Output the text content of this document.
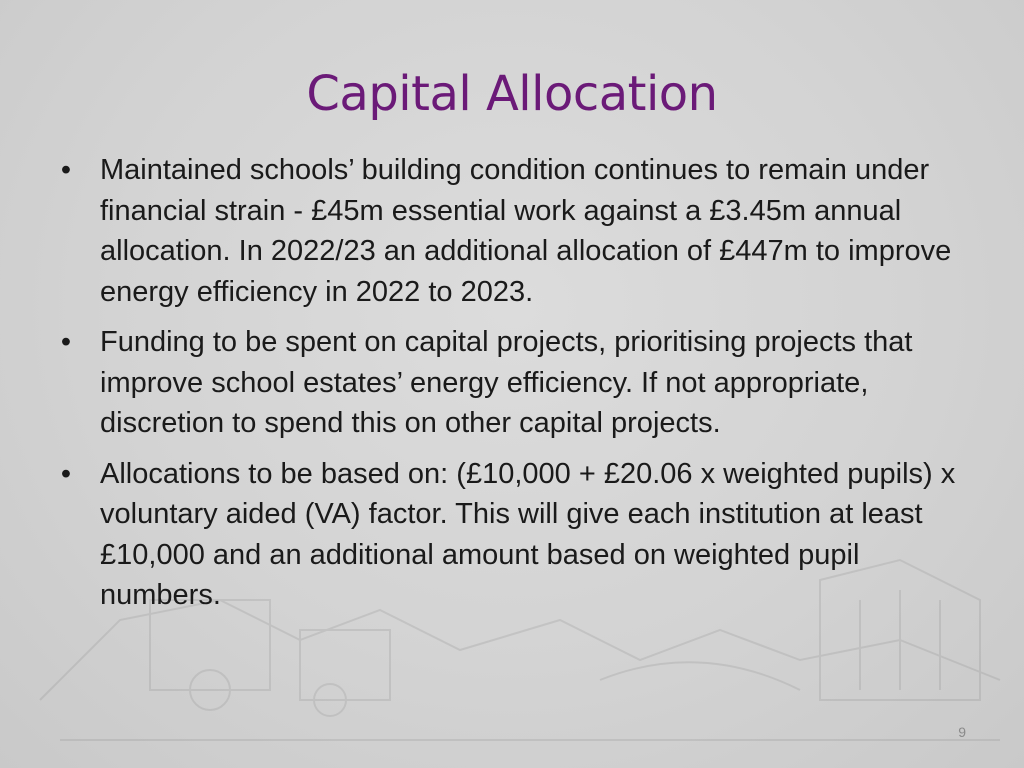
Capital Allocation
• Maintained schools’ building condition continues to remain under financial strain - £45m essential work against a £3.45m annual allocation. In 2022/23 an additional allocation of £447m to improve energy efficiency in 2022 to 2023.
• Funding to be spent on capital projects, prioritising projects that improve school estates’ energy efficiency. If not appropriate, discretion to spend this on other capital projects.
• Allocations to be based on: (£10,000 + £20.06 x weighted pupils) x voluntary aided (VA) factor. This will give each institution at least £10,000 and an additional amount based on weighted pupil numbers.
9
